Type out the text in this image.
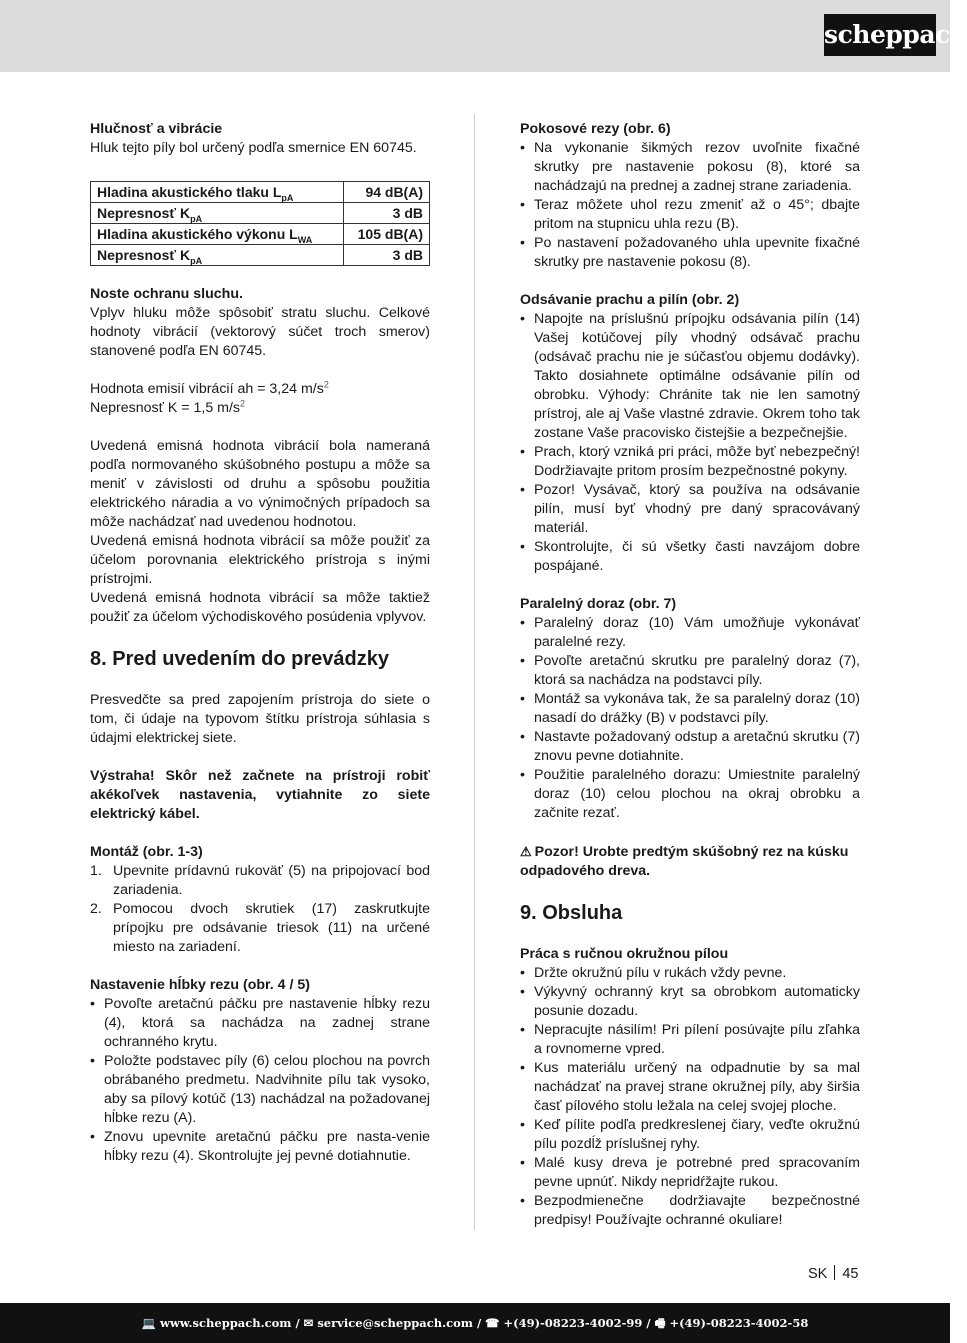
scheppach

Hlučnosť a vibrácie

Hluk tejto píly bol určený podľa smernice EN 60745.

Hladina akustického tlaku $L_{pA}$	94 dB(A)
Nepresnosť $K_{pA}$	3 dB
Hladina akustického výkonu $L_{WA}$	105 dB(A)
Nepresnosť $K_{pA}$	3 dB

Noste ochranu sluchu.

Vplyv hluku môže spôsobiť stratu sluchu. Celkové hodnoty vibrácií (vektorový súčet troch smerov) stanovené podľa EN 60745.

Hodnota emisií vibrácií ah = 3,24 $m/s^2$

Nepresnosť K = 1,5 $m/s^2$

Uvedená emisná hodnota vibrácií bola nameraná podľa normovaného skúšobného postupu a môže sa meniť v závislosti od druhu a spôsobu použitia elektrického náradia a vo výnimočných prípadoch sa môže nachádzať nad uvedenou hodnotou.

Uvedená emisná hodnota vibrácií sa môže použiť za účelom porovnania elektrického prístroja s inými prístrojmi.

Uvedená emisná hodnota vibrácií sa môže taktiež použiť za účelom východiskového posúdenia vplyvov.

8. Pred uvedením do prevádzky

Presvedčte sa pred zapojením prístroja do siete o tom, či údaje na typovom štítku prístroja súhlasia s údajmi elektrickej siete.

Výstraha! Skôr než začnete na prístroji robiť akékoľvek nastavenia, vytiahnite zo siete elektrický kábel.

Montáž (obr. 1-3)

1. Upevnite prídavnú rukoväť (5) na pripojovací bod zariadenia.
2. Pomocou dvoch skrutiek (17) zaskrutkujte prípojku pre odsávanie triesok (11) na určené miesto na zariadení.

Nastavenie hĺbky rezu (obr. 4 / 5)

• Povoľte aretačnú páčku pre nastavenie hĺbky rezu (4), ktorá sa nachádza na zadnej strane ochranného krytu.
• Položte podstavec píly (6) celou plochou na povrch obrábaného predmetu. Nadvihnite pílu tak vysoko, aby sa pílový kotúč (13) nachádzal na požadovanej hĺbke rezu (A).
• Znovu upevnite aretačnú páčku pre nasta-venie hĺbky rezu (4). Skontrolujte jej pevné dotiahnutie.

Pokosové rezy (obr. 6)

• Na vykonanie šikmých rezov uvoľnite fixačné skrutky pre nastavenie pokosu (8), ktoré sa nachádzajú na prednej a zadnej strane zariadenia.
• Teraz môžete uhol rezu zmeniť až o 45°; dbajte pritom na stupnicu uhla rezu (B).
• Po nastavení požadovaného uhla upevnite fixačné skrutky pre nastavenie pokosu (8).

Odsávanie prachu a pilín (obr. 2)

• Napojte na príslušnú prípojku odsávania pilín (14) Vašej kotúčovej píly vhodný odsávač prachu (odsávač prachu nie je súčasťou objemu dodávky). Takto dosiahnete optimálne odsávanie pilín od obrobku. Výhody: Chránite tak nie len samotný prístroj, ale aj Vaše vlastné zdravie. Okrem toho tak zostane Vaše pracovisko čistejšie a bezpečnejšie.
• Prach, ktorý vzniká pri práci, môže byť nebezpečný! Dodržiavajte pritom prosím bezpečnostné pokyny.
• Pozor! Vysávač, ktorý sa používa na odsávanie pilín, musí byť vhodný pre daný spracovávaný materiál.
• Skontrolujte, či sú všetky časti navzájom dobre pospájané.

Paralelný doraz (obr. 7)

• Paralelný doraz (10) Vám umožňuje vykonávať paralelné rezy.
• Povoľte aretačnú skrutku pre paralelný doraz (7), ktorá sa nachádza na podstavci píly.
• Montáž sa vykonáva tak, že sa paralelný doraz (10) nasadí do drážky (B) v podstavci píly.
• Nastavte požadovaný odstup a aretačnú skrutku (7) znovu pevne dotiahnite.
• Použitie paralelného dorazu: Umiestnite paralelný doraz (10) celou plochou na okraj obrobku a začnite rezať.

⚠ Pozor! Urobte predtým skúšobný rez na kúsku odpadového dreva.

9. Obsluha

Práca s ručnou okružnou pílou

• Držte okružnú pílu v rukách vždy pevne.
• Výkyvný ochranný kryt sa obrobkom automaticky posunie dozadu.
• Nepracujte násilím! Pri pílení posúvajte pílu zľahka a rovnomerne vpred.
• Kus materiálu určený na odpadnutie by sa mal nachádzať na pravej strane okružnej píly, aby širšia časť pílového stolu ležala na celej svojej ploche.
• Keď pílite podľa predkreslenej čiary, veďte okružnú pílu pozdĺž príslušnej ryhy.
• Malé kusy dreva je potrebné pred spracovaním pevne upnúť. Nikdy nepridŕžajte rukou.
• Bezpodmienečne dodržiavajte bezpečnostné predpisy! Používajte ochranné okuliare!
SK 45
💻 www.scheppach.com / ✉ service@scheppach.com / ☎ +(49)-08223-4002-99 / 🖷 +(49)-08223-4002-58
